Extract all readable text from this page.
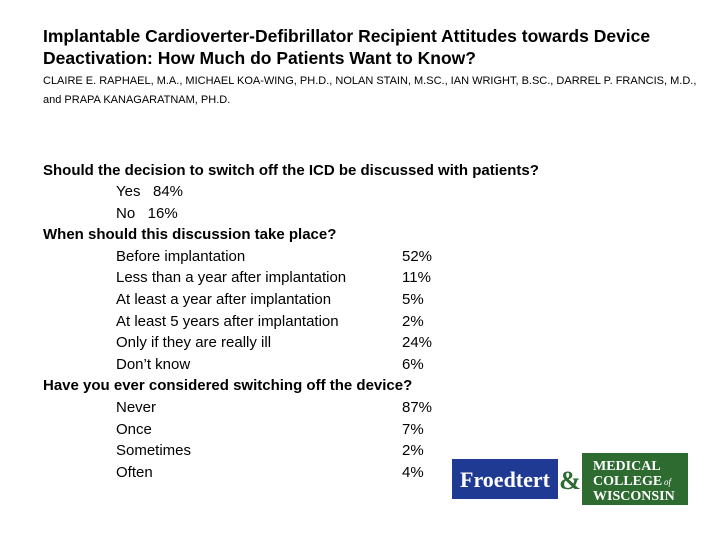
Implantable Cardioverter-Defibrillator Recipient Attitudes towards Device Deactivation: How Much do Patients Want to Know?

CLAIRE E. RAPHAEL, M.A., MICHAEL KOA-WING, PH.D., NOLAN STAIN, M.SC., IAN WRIGHT, B.SC., DARREL P. FRANCIS, M.D., and PRAPA KANAGARATNAM, PH.D.

Should the decision to switch off the ICD be discussed with patients?
Yes   84%
No   16%
When should this discussion take place?
Before implantation	52%
Less than a year after implantation	11%
At least a year after implantation	5%
At least 5 years after implantation	2%
Only if they are really ill	24%
Don’t know	6%
Have you ever considered switching off the device?
Never	87%
Once	7%
Sometimes	2%
Often	4% Froedtert & MEDICAL
COLLEGE of
WISCONSIN
